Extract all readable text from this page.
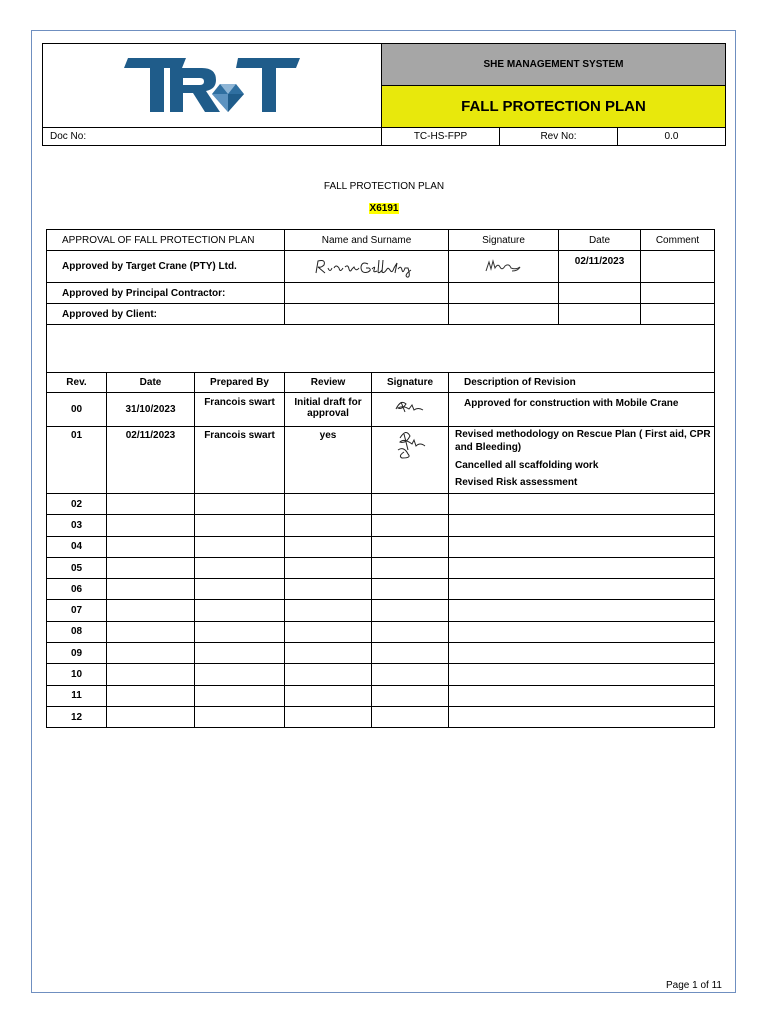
	SHE MANAGEMENT SYSTEM		
	FALL PROTECTION PLAN		
Doc No:	TC-HS-FPP	Rev No:	0.0
FALL PROTECTION PLAN
X6191
APPROVAL OF FALL PROTECTION PLAN			Name and Surname		Signature	Date	Comment
Approved by Target Crane (PTY) Ltd.						02/11/2023	
Approved by Principal Contractor:							
Approved by Client:							

Rev.	Date	Prepared By	Review	Signature	Description of Revision		
00	31/10/2023	Francois swart	Initial draft for approval		Approved for construction with Mobile Crane		

01	02/11/2023	Francois swart	yes		Revised methodology on Rescue Plan ( First aid, CPR and Bleeding)
Cancelled all scaffolding work
Revised Risk assessment		

02							
03							
04							
05							
06							
07							
08							
09							
10							
11							
12							
Page 1 of 11
